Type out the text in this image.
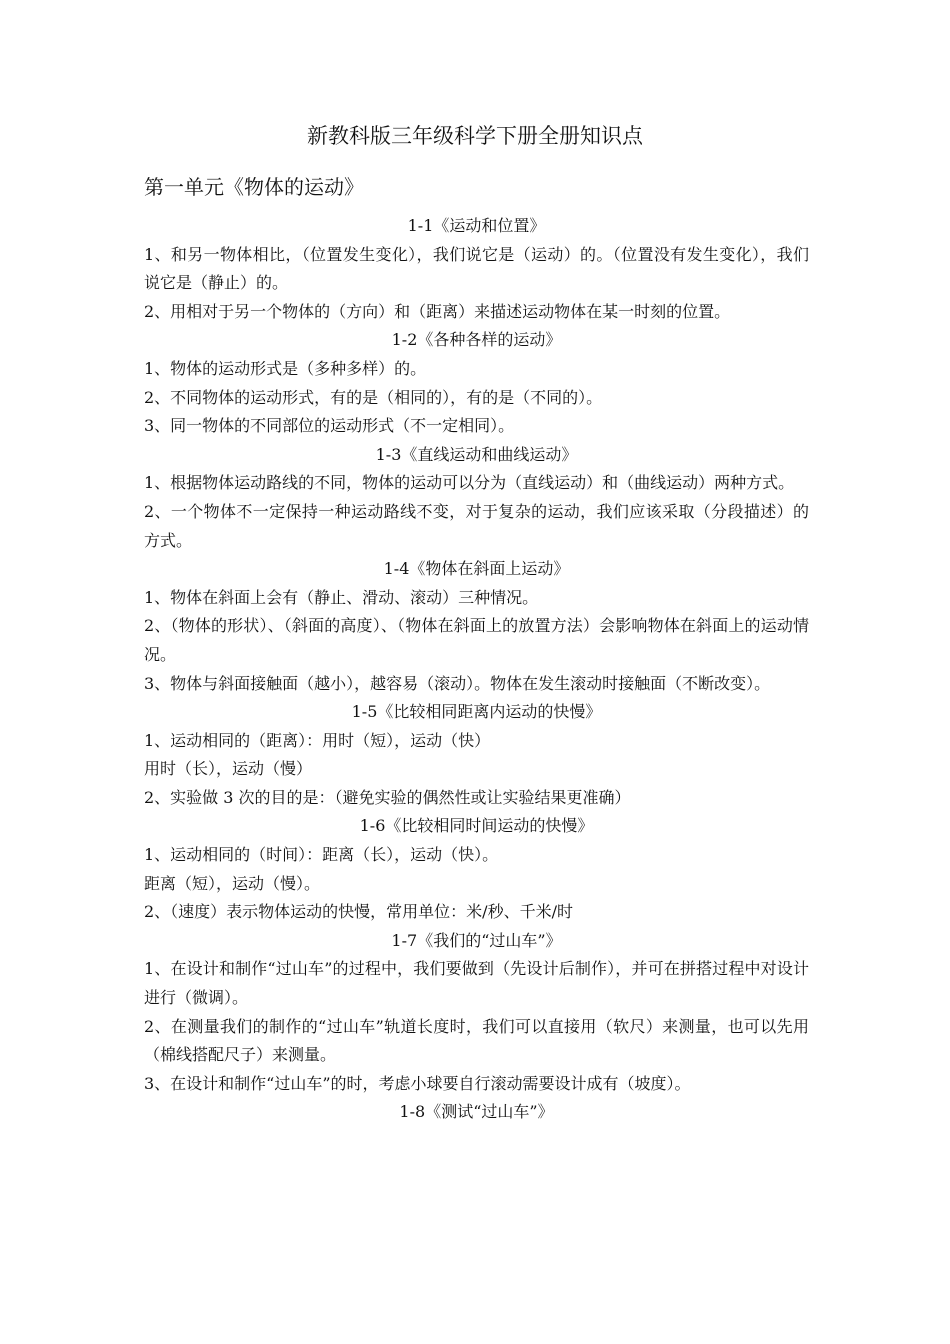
新教科版三年级科学下册全册知识点
第一单元《物体的运动》
1-1《运动和位置》
1、和另一物体相比，（位置发生变化），我们说它是（运动）的。（位置没有发生变化），我们说它是（静止）的。
2、用相对于另一个物体的（方向）和（距离）来描述运动物体在某一时刻的位置。
1-2《各种各样的运动》
1、物体的运动形式是（多种多样）的。
2、不同物体的运动形式，有的是（相同的），有的是（不同的）。
3、同一物体的不同部位的运动形式（不一定相同）。
1-3《直线运动和曲线运动》
1、根据物体运动路线的不同，物体的运动可以分为（直线运动）和（曲线运动）两种方式。
2、一个物体不一定保持一种运动路线不变，对于复杂的运动，我们应该采取（分段描述）的方式。
1-4《物体在斜面上运动》
1、物体在斜面上会有（静止、滑动、滚动）三种情况。
2、（物体的形状）、（斜面的高度）、（物体在斜面上的放置方法）会影响物体在斜面上的运动情况。
3、物体与斜面接触面（越小），越容易（滚动）。物体在发生滚动时接触面（不断改变）。
1-5《比较相同距离内运动的快慢》
1、运动相同的（距离）：用时（短），运动（快）
用时（长），运动（慢）
2、实验做 3 次的目的是：（避免实验的偶然性或让实验结果更准确）
1-6《比较相同时间运动的快慢》
1、运动相同的（时间）：距离（长），运动（快）。
距离（短），运动（慢）。
2、（速度）表示物体运动的快慢，常用单位：米/秒、千米/时
1-7《我们的“过山车”》
1、在设计和制作“过山车”的过程中，我们要做到（先设计后制作），并可在拼搭过程中对设计进行（微调）。
2、在测量我们的制作的“过山车”轨道长度时，我们可以直接用（软尺）来测量，也可以先用（棉线搭配尺子）来测量。
3、在设计和制作“过山车”的时，考虑小球要自行滚动需要设计成有（坡度）。
1-8《测试“过山车”》
